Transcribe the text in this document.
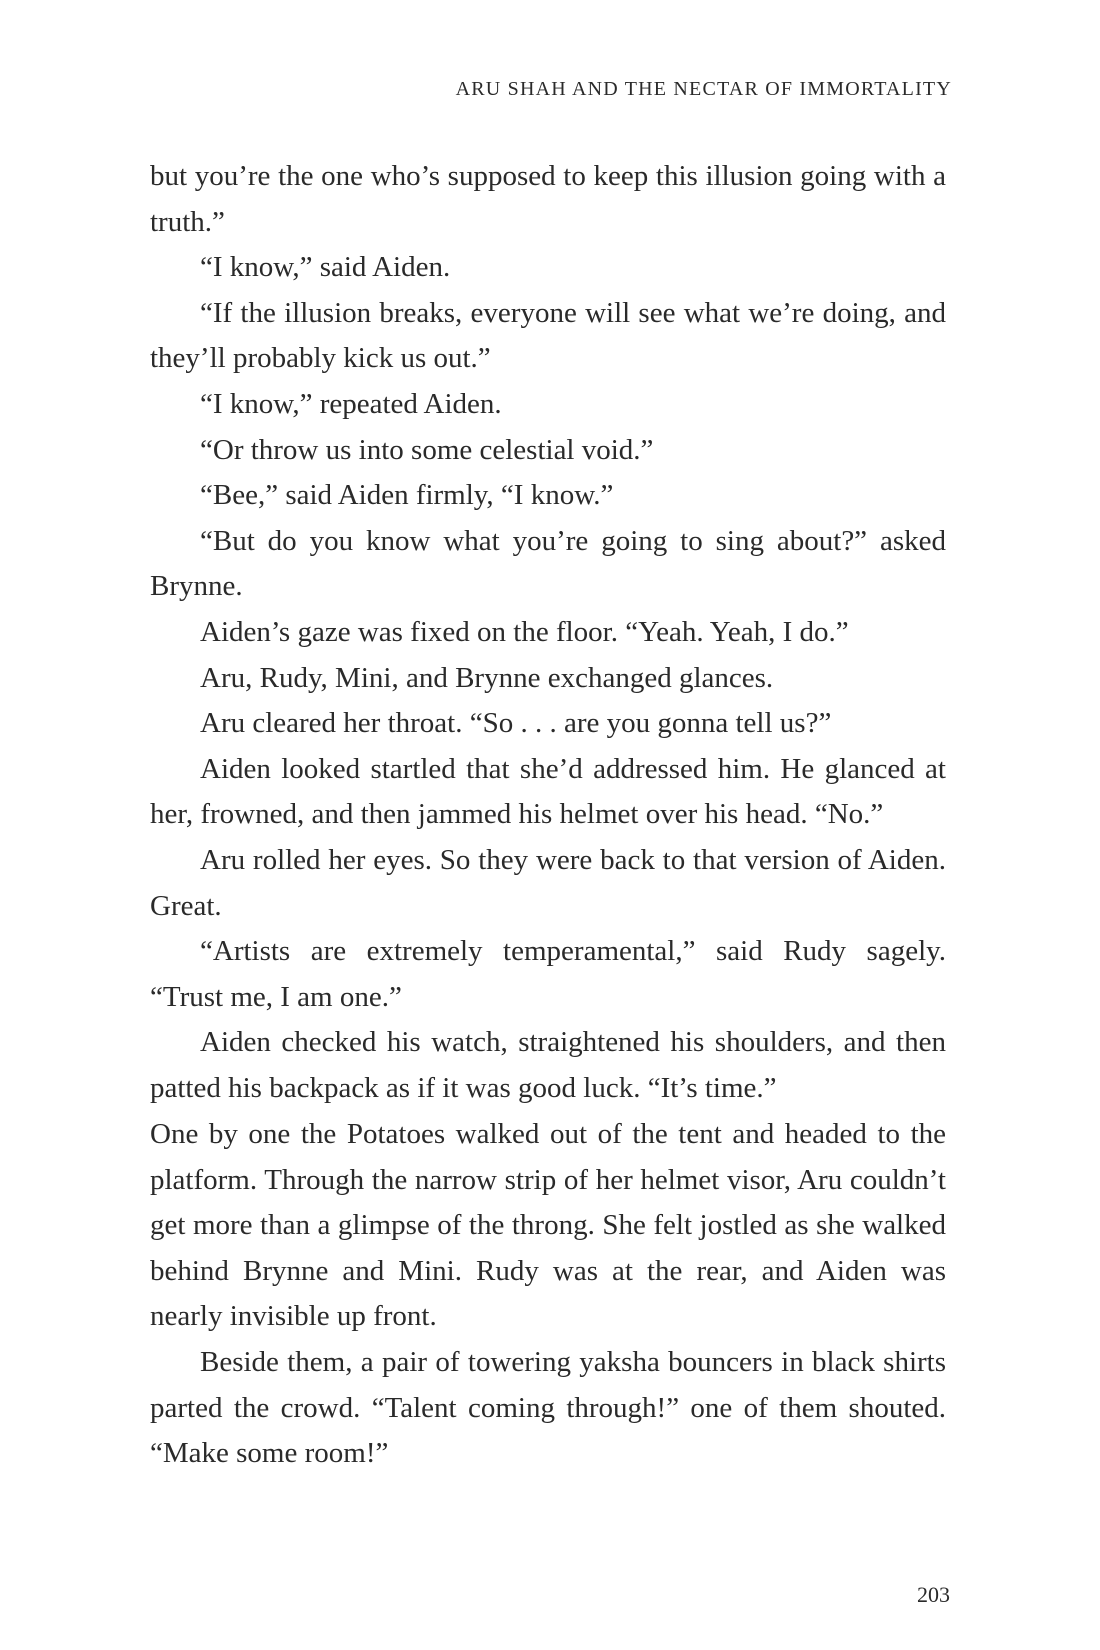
ARU SHAH AND THE NECTAR OF IMMORTALITY

but you’re the one who’s supposed to keep this illusion going with a truth.”

“I know,” said Aiden.

“If the illusion breaks, everyone will see what we’re doing, and they’ll probably kick us out.”

“I know,” repeated Aiden.

“Or throw us into some celestial void.”

“Bee,” said Aiden firmly, “I know.”

“But do you know what you’re going to sing about?” asked Brynne.

Aiden’s gaze was fixed on the floor. “Yeah. Yeah, I do.”

Aru, Rudy, Mini, and Brynne exchanged glances.

Aru cleared her throat. “So . . . are you gonna tell us?”

Aiden looked startled that she’d addressed him. He glanced at her, frowned, and then jammed his helmet over his head. “No.”

Aru rolled her eyes. So they were back to that version of Aiden. Great.

“Artists are extremely temperamental,” said Rudy sagely. “Trust me, I am one.”

Aiden checked his watch, straightened his shoulders, and then patted his backpack as if it was good luck. “It’s time.”

One by one the Potatoes walked out of the tent and headed to the platform. Through the narrow strip of her helmet visor, Aru couldn’t get more than a glimpse of the throng. She felt jostled as she walked behind Brynne and Mini. Rudy was at the rear, and Aiden was nearly invisible up front.

Beside them, a pair of towering yaksha bouncers in black shirts parted the crowd. “Talent coming through!” one of them shouted. “Make some room!”

203
